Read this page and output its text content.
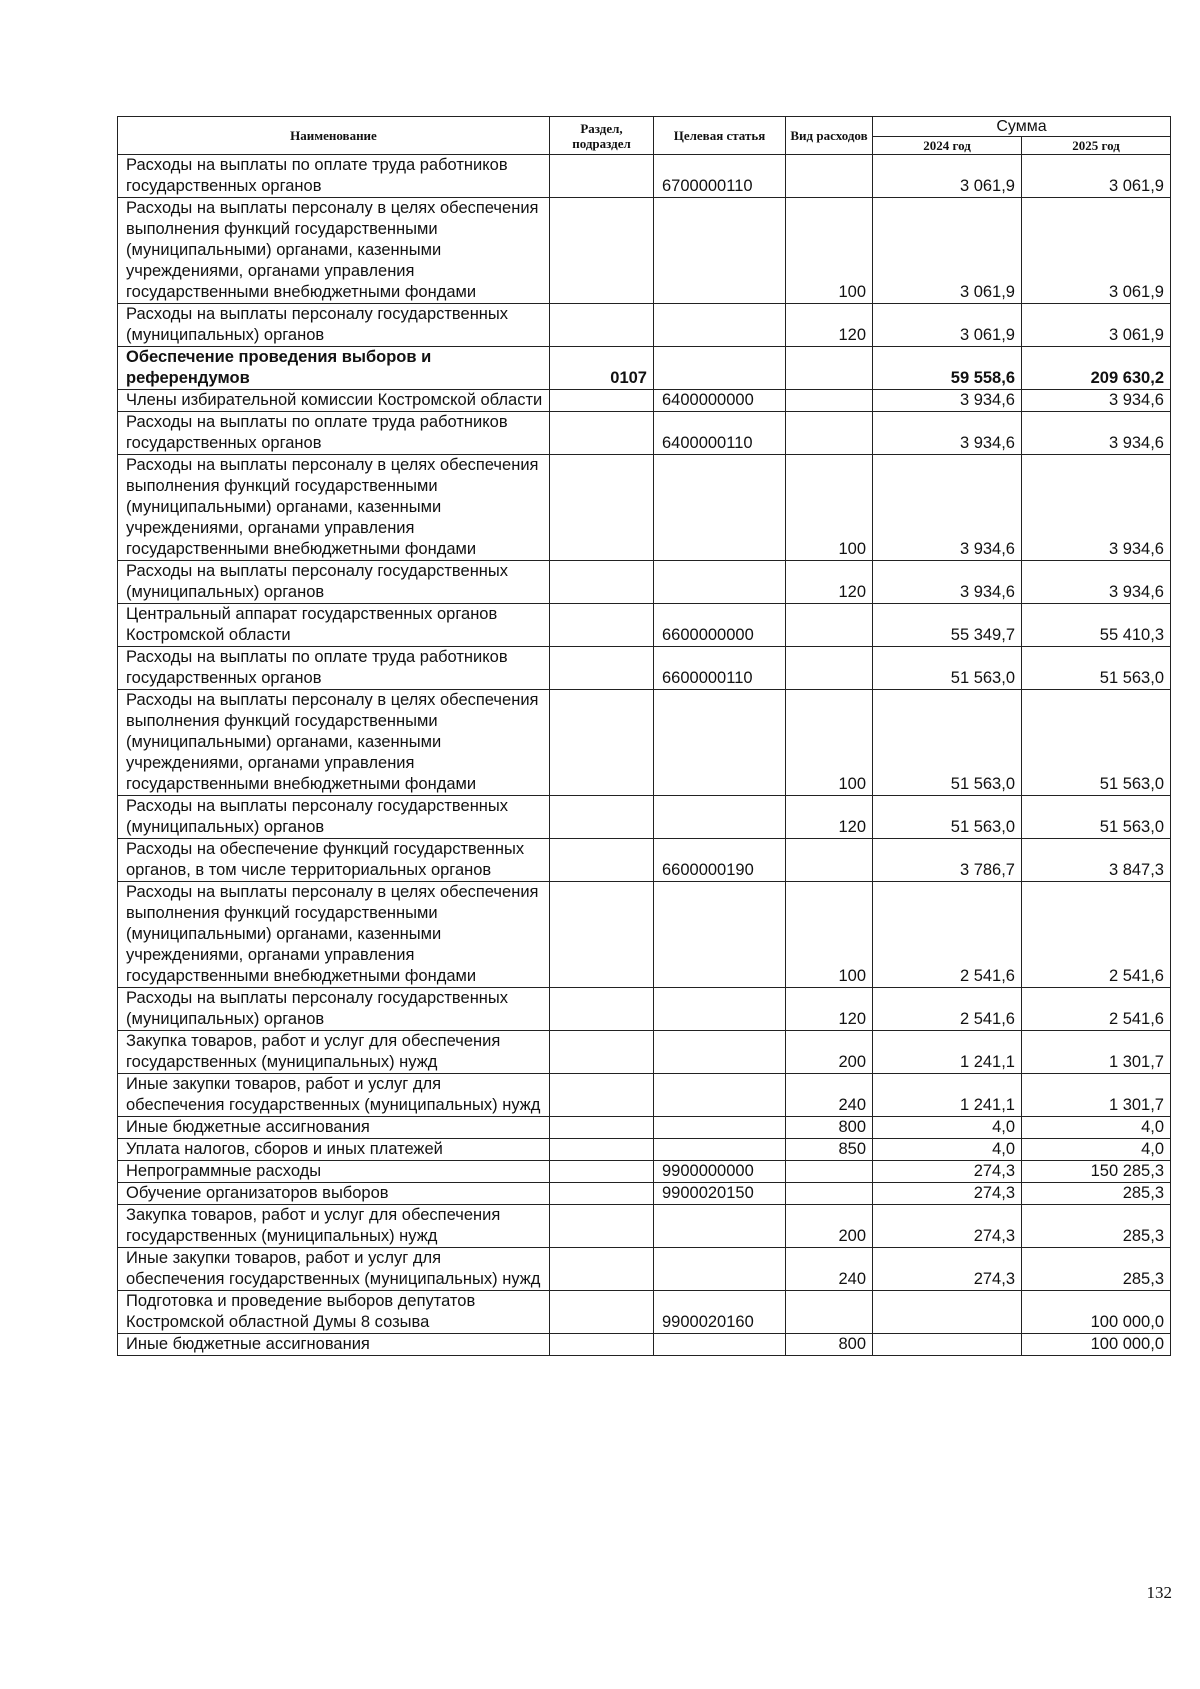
Наименование	Раздел, подраздел	Целевая статья	Вид расходов	Сумма	
				2024 год	2025 год
Расходы на выплаты по оплате труда работников государственных органов		6700000110		3 061,9	3 061,9
Расходы на выплаты персоналу в целях обеспечения выполнения функций государственными (муниципальными) органами, казенными учреждениями, органами управления государственными внебюджетными фондами			100	3 061,9	3 061,9
Расходы на выплаты персоналу государственных (муниципальных) органов			120	3 061,9	3 061,9
Обеспечение проведения выборов и референдумов	0107			59 558,6	209 630,2
Члены избирательной комиссии Костромской области		6400000000		3 934,6	3 934,6
Расходы на выплаты по оплате труда работников государственных органов		6400000110		3 934,6	3 934,6
Расходы на выплаты персоналу в целях обеспечения выполнения функций государственными (муниципальными) органами, казенными учреждениями, органами управления государственными внебюджетными фондами			100	3 934,6	3 934,6
Расходы на выплаты персоналу государственных (муниципальных) органов			120	3 934,6	3 934,6
Центральный аппарат государственных органов Костромской области		6600000000		55 349,7	55 410,3
Расходы на выплаты по оплате труда работников государственных органов		6600000110		51 563,0	51 563,0
Расходы на выплаты персоналу в целях обеспечения выполнения функций государственными (муниципальными) органами, казенными учреждениями, органами управления государственными внебюджетными фондами			100	51 563,0	51 563,0
Расходы на выплаты персоналу государственных (муниципальных) органов			120	51 563,0	51 563,0
Расходы на обеспечение функций государственных органов, в том числе территориальных органов		6600000190		3 786,7	3 847,3
Расходы на выплаты персоналу в целях обеспечения выполнения функций государственными (муниципальными) органами, казенными учреждениями, органами управления государственными внебюджетными фондами			100	2 541,6	2 541,6
Расходы на выплаты персоналу государственных (муниципальных) органов			120	2 541,6	2 541,6
Закупка товаров, работ и услуг для обеспечения государственных (муниципальных) нужд			200	1 241,1	1 301,7
Иные закупки товаров, работ и услуг для обеспечения государственных (муниципальных) нужд			240	1 241,1	1 301,7
Иные бюджетные ассигнования			800	4,0	4,0
Уплата налогов, сборов и иных платежей			850	4,0	4,0
Непрограммные расходы		9900000000		274,3	150 285,3
Обучение организаторов выборов		9900020150		274,3	285,3
Закупка товаров, работ и услуг для обеспечения государственных (муниципальных) нужд			200	274,3	285,3
Иные закупки товаров, работ и услуг для обеспечения государственных (муниципальных) нужд			240	274,3	285,3
Подготовка и проведение выборов депутатов Костромской областной Думы 8 созыва		9900020160			100 000,0
Иные бюджетные ассигнования			800		100 000,0
132
